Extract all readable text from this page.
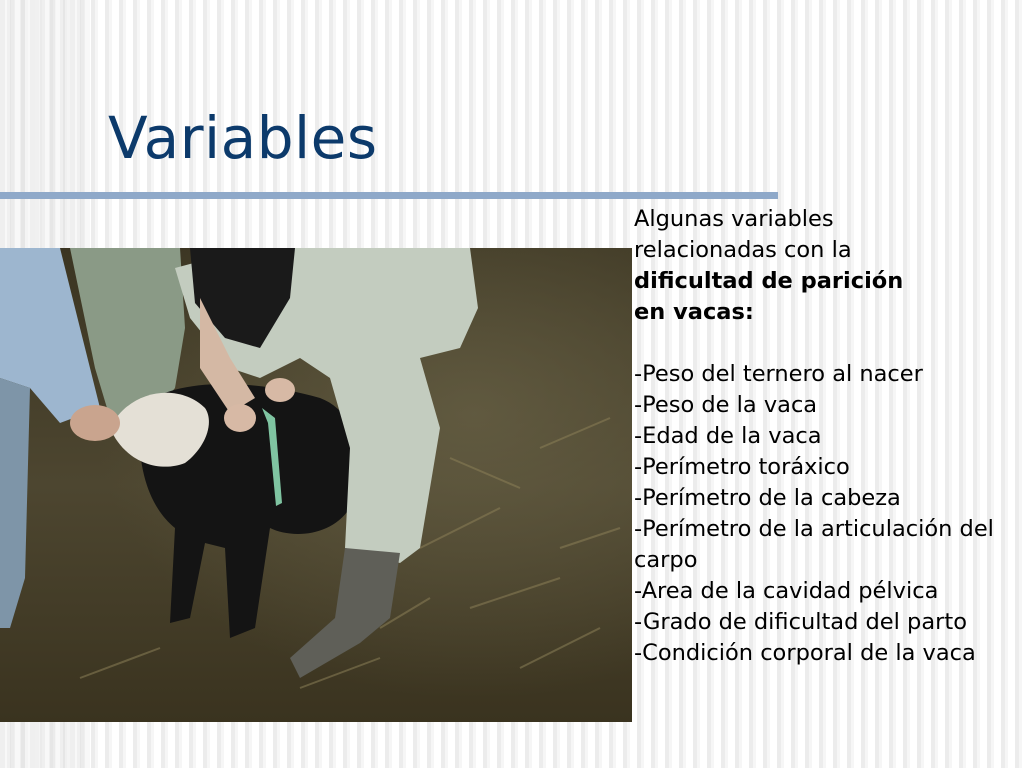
Variables
Algunas variables
relacionadas con la
dificultad de parición
en vacas:
-Peso del ternero al nacer
-Peso de la vaca
-Edad de la vaca
-Perímetro toráxico
-Perímetro de la cabeza
-Perímetro de la articulación del carpo
-Area de la cavidad pélvica
-Grado de dificultad del parto
-Condición corporal de la vaca
